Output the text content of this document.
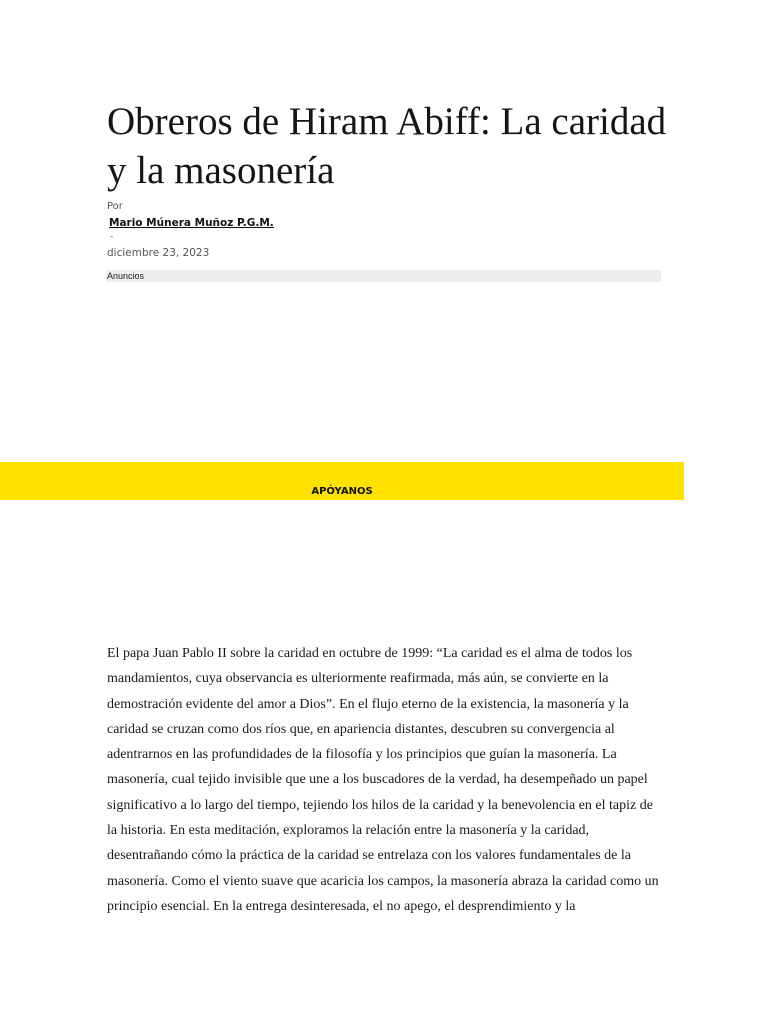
Obreros de Hiram Abiff: La caridad y la masonería
Por
Mario Múnera Muñoz P.G.M.
-
diciembre 23, 2023
Anuncios
APÓYANOS

El papa Juan Pablo II sobre la caridad en octubre de 1999: “La caridad es el alma de todos los mandamientos, cuya observancia es ulteriormente reafirmada, más aún, se convierte en la demostración evidente del amor a Dios”. En el flujo eterno de la existencia, la masonería y la caridad se cruzan como dos ríos que, en apariencia distantes, descubren su convergencia al adentrarnos en las profundidades de la filosofía y los principios que guían la masonería. La masonería, cual tejido invisible que une a los buscadores de la verdad, ha desempeñado un papel significativo a lo largo del tiempo, tejiendo los hilos de la caridad y la benevolencia en el tapiz de la historia. En esta meditación, exploramos la relación entre la masonería y la caridad, desentrañando cómo la práctica de la caridad se entrelaza con los valores fundamentales de la masonería. Como el viento suave que acaricia los campos, la masonería abraza la caridad como un principio esencial. En la entrega desinteresada, el no apego, el desprendimiento y la
